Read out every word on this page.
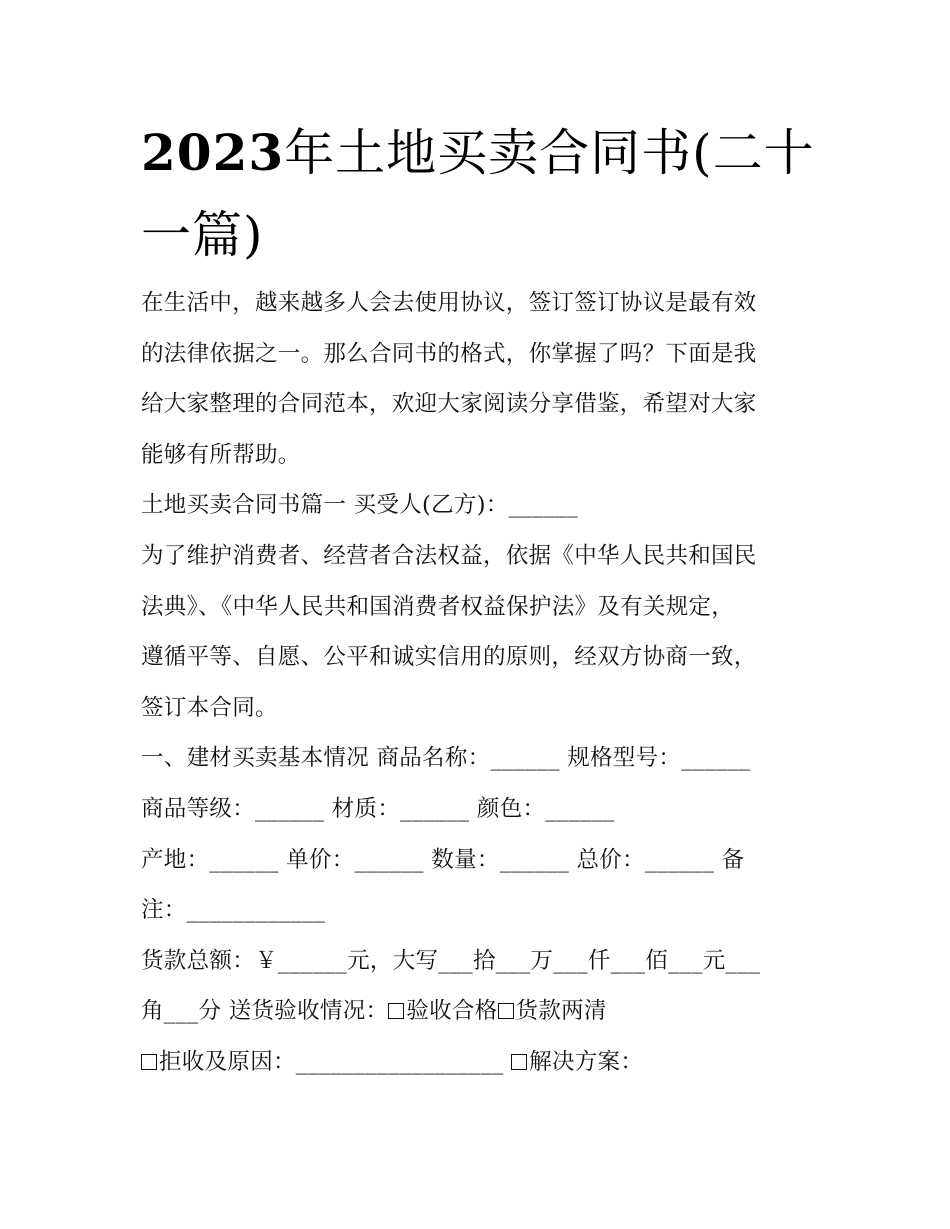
2023年土地买卖合同书(二十
一篇)

在生活中，越来越多人会去使用协议，签订签订协议是最有效

的法律依据之一。那么合同书的格式，你掌握了吗？下面是我

给大家整理的合同范本，欢迎大家阅读分享借鉴，希望对大家

能够有所帮助。

土地买卖合同书篇一 买受人(乙方)：______

为了维护消费者、经营者合法权益，依据《中华人民共和国民

法典》、《中华人民共和国消费者权益保护法》及有关规定，

遵循平等、自愿、公平和诚实信用的原则，经双方协商一致，

签订本合同。

一、建材买卖基本情况 商品名称：______ 规格型号：______

商品等级：______ 材质：______ 颜色：______

产地：______ 单价：______ 数量：______ 总价：______ 备

注：____________

货款总额：￥______元，大写___拾___万___仟___佰___元___

角___分 送货验收情况： 验收合格 货款两清

拒收及原因：__________________ 解决方案：
